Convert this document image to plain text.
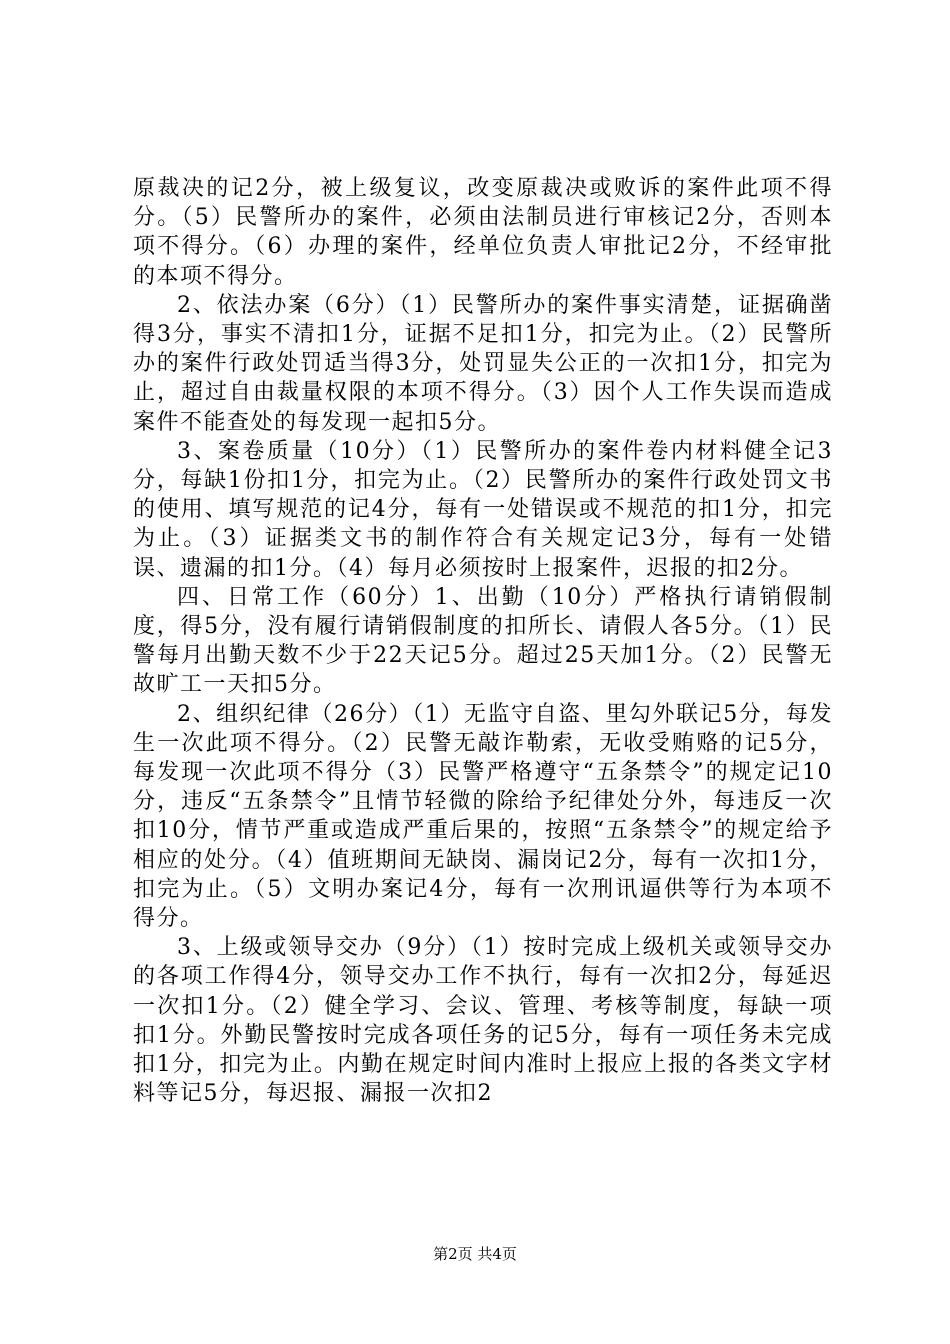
原裁决的记2分，被上级复议，改变原裁决或败诉的案件此项不得分。（5）民警所办的案件，必须由法制员进行审核记2分，否则本项不得分。（6）办理的案件，经单位负责人审批记2分，不经审批的本项不得分。

2、依法办案（6分）（1）民警所办的案件事实清楚，证据确凿得3分，事实不清扣1分，证据不足扣1分，扣完为止。（2）民警所办的案件行政处罚适当得3分，处罚显失公正的一次扣1分，扣完为止，超过自由裁量权限的本项不得分。（3）因个人工作失误而造成案件不能查处的每发现一起扣5分。

3、案卷质量（10分）（1）民警所办的案件卷内材料健全记3分，每缺1份扣1分，扣完为止。（2）民警所办的案件行政处罚文书的使用、填写规范的记4分，每有一处错误或不规范的扣1分，扣完为止。（3）证据类文书的制作符合有关规定记3分，每有一处错误、遗漏的扣1分。（4）每月必须按时上报案件，迟报的扣2分。

四、日常工作（60分）1、出勤（10分）严格执行请销假制度，得5分，没有履行请销假制度的扣所长、请假人各5分。（1）民警每月出勤天数不少于22天记5分。超过25天加1分。（2）民警无故旷工一天扣5分。

2、组织纪律（26分）（1）无监守自盗、里勾外联记5分，每发生一次此项不得分。（2）民警无敲诈勒索，无收受贿赂的记5分，每发现一次此项不得分（3）民警严格遵守“五条禁令”的规定记10分，违反“五条禁令”且情节轻微的除给予纪律处分外，每违反一次扣10分，情节严重或造成严重后果的，按照“五条禁令”的规定给予相应的处分。（4）值班期间无缺岗、漏岗记2分，每有一次扣1分，扣完为止。（5）文明办案记4分，每有一次刑讯逼供等行为本项不得分。

3、上级或领导交办（9分）（1）按时完成上级机关或领导交办的各项工作得4分，领导交办工作不执行，每有一次扣2分，每延迟一次扣1分。（2）健全学习、会议、管理、考核等制度，每缺一项扣1分。外勤民警按时完成各项任务的记5分，每有一项任务未完成扣1分，扣完为止。内勤在规定时间内准时上报应上报的各类文字材料等记5分，每迟报、漏报一次扣2

第2页 共4页
